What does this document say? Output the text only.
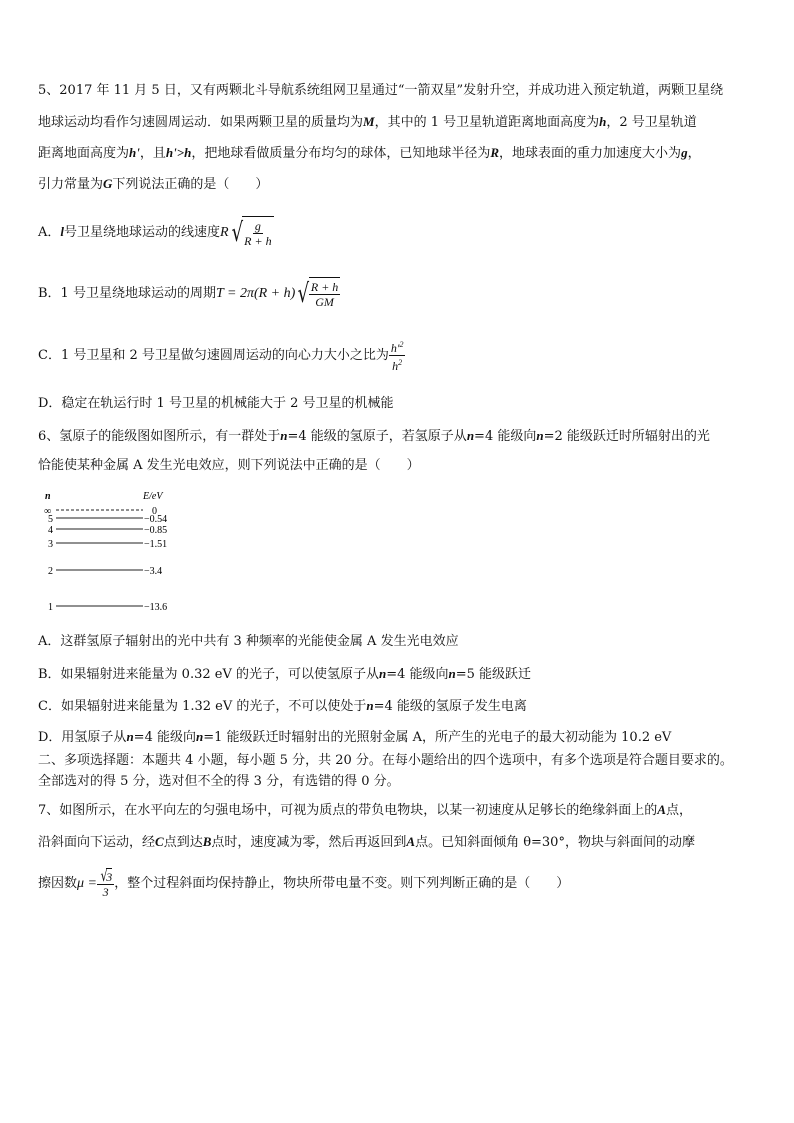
5、2017 年 11 月 5 日，又有两颗北斗导航系统组网卫星通过“一箭双星”发射升空，并成功进入预定轨道，两颗卫星绕
地球运动均看作匀速圆周运动．如果两颗卫星的质量均为M，其中的 1 号卫星轨道距离地面高度为h，2 号卫星轨道
距离地面高度为h'，且h'>h，把地球看做质量分布均匀的球体，已知地球半径为R，地球表面的重力加速度大小为g，
引力常量为G下列说法正确的是（　　）
A．l号卫星绕地球运动的线速度R √ $\frac{g}{R + h}$
B．1 号卫星绕地球运动的周期T = 2π(R + h) √ $\frac{R + h}{GM}$
C．1 号卫星和 2 号卫星做匀速圆周运动的向心力大小之比为 $\frac{h'^2}{h^2}$
D．稳定在轨运行时 1 号卫星的机械能大于 2 号卫星的机械能
6、氢原子的能级图如图所示，有一群处于n=4 能级的氢原子，若氢原子从n=4 能级向n=2 能级跃迁时所辐射出的光
恰能使某种金属 A 发生光电效应，则下列说法中正确的是（　　）
n	E/eV
∞	0
5	−0.54
4	−0.85
3	−1.51
2	−3.4
1	−13.6
A．这群氢原子辐射出的光中共有 3 种频率的光能使金属 A 发生光电效应
B．如果辐射进来能量为 0.32 eV 的光子，可以使氢原子从n=4 能级向n=5 能级跃迁
C．如果辐射进来能量为 1.32 eV 的光子，不可以使处于n=4 能级的氢原子发生电离
D．用氢原子从n=4 能级向n=1 能级跃迁时辐射出的光照射金属 A，所产生的光电子的最大初动能为 10.2 eV
二、多项选择题：本题共 4 小题，每小题 5 分，共 20 分。在每小题给出的四个选项中，有多个选项是符合题目要求的。
全部选对的得 5 分，选对但不全的得 3 分，有选错的得 0 分。
7、如图所示，在水平向左的匀强电场中，可视为质点的带负电物块，以某一初速度从足够长的绝缘斜面上的A点，
沿斜面向下运动，经C点到达B点时，速度减为零，然后再返回到A点。已知斜面倾角 θ=30°，物块与斜面间的动摩
擦因数μ = √
3
3 ，整个过程斜面均保持静止，物块所带电量不变。则下列判断正确的是（　　）
